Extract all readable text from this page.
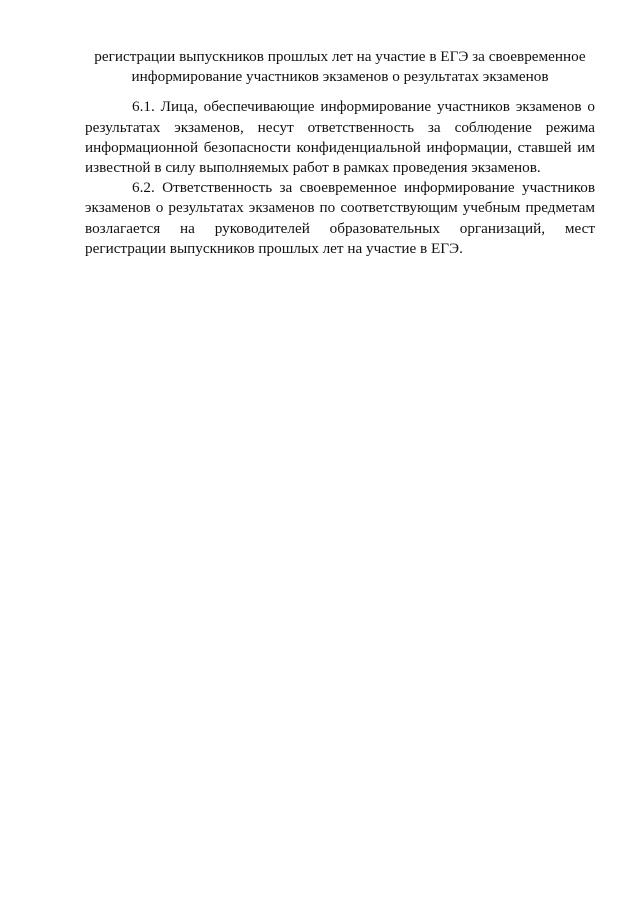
регистрации выпускников прошлых лет на участие в ЕГЭ за своевременное
информирование участников экзаменов о результатах экзаменов

6.1. Лица, обеспечивающие информирование участников экзаменов о результатах экзаменов, несут ответственность за соблюдение режима информационной безопасности конфиденциальной информации, ставшей им известной в силу выполняемых работ в рамках проведения экзаменов.

6.2. Ответственность за своевременное информирование участников экзаменов о результатах экзаменов по соответствующим учебным предметам возлагается на руководителей образовательных организаций, мест регистрации выпускников прошлых лет на участие в ЕГЭ.
